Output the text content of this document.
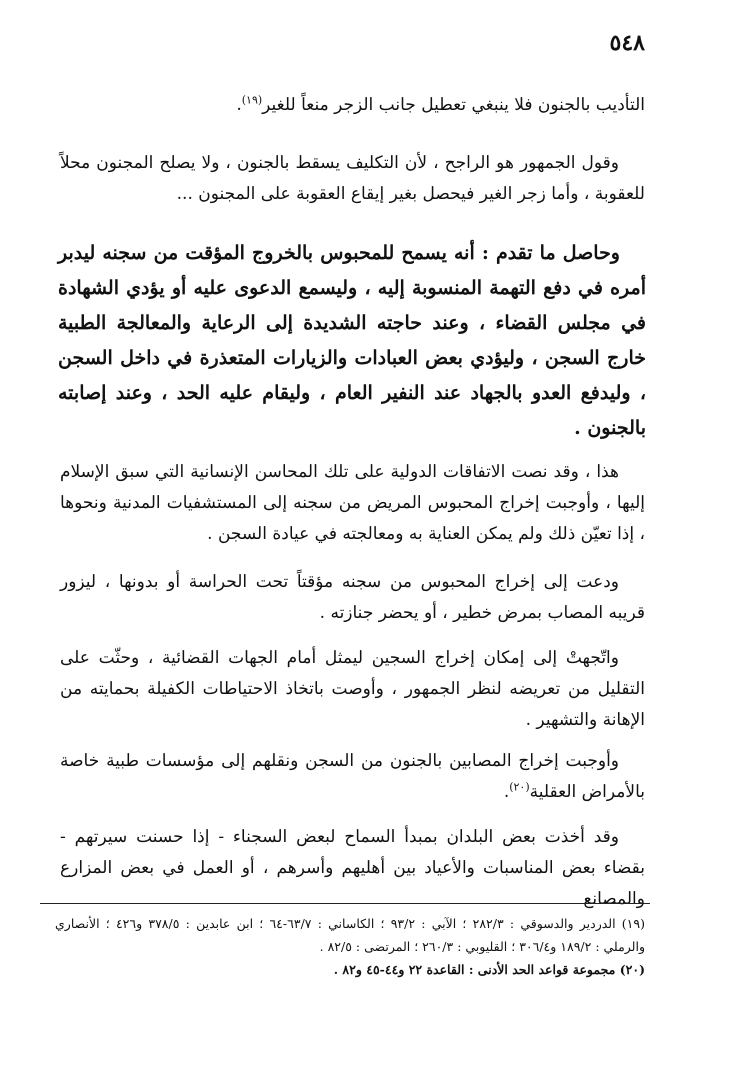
٥٤٨

التأديب بالجنون فلا ينبغي تعطيل جانب الزجر منعاً للغير$^{(١٩)}$.

وقول الجمهور هو الراجح ، لأن التكليف يسقط بالجنون ، ولا يصلح المجنون محلاً للعقوبة ، وأما زجر الغير فيحصل بغير إيقاع العقوبة على المجنون ...

وحاصل ما تقدم : أنه يسمح للمحبوس بالخروج المؤقت من سجنه ليدبر أمره في دفع التهمة المنسوبة إليه ، وليسمع الدعوى عليه أو يؤدي الشهادة في مجلس القضاء ، وعند حاجته الشديدة إلى الرعاية والمعالجة الطبية خارج السجن ، وليؤدي بعض العبادات والزيارات المتعذرة في داخل السجن ، وليدفع العدو بالجهاد عند النفير العام ، وليقام عليه الحد ، وعند إصابته بالجنون .

هذا ، وقد نصت الاتفاقات الدولية على تلك المحاسن الإنسانية التي سبق الإسلام إليها ، وأوجبت إخراج المحبوس المريض من سجنه إلى المستشفيات المدنية ونحوها ، إذا تعيّن ذلك ولم يمكن العناية به ومعالجته في عيادة السجن .

ودعت إلى إخراج المحبوس من سجنه مؤقتاً تحت الحراسة أو بدونها ، ليزور قريبه المصاب بمرض خطير ، أو يحضر جنازته .

واتّجهتْ إلى إمكان إخراج السجين ليمثل أمام الجهات القضائية ، وحثّت على التقليل من تعريضه لنظر الجمهور ، وأوصت باتخاذ الاحتياطات الكفيلة بحمايته من الإهانة والتشهير .

وأوجبت إخراج المصابين بالجنون من السجن ونقلهم إلى مؤسسات طبية خاصة بالأمراض العقلية$^{(٢٠)}$.

وقد أخذت بعض البلدان بمبدأ السماح لبعض السجناء - إذا حسنت سيرتهم - بقضاء بعض المناسبات والأعياد بين أهليهم وأسرهم ، أو العمل في بعض المزارع والمصانع

(١٩) الدردير والدسوقي : ٢٨٢/٣ ؛ الآبي : ٩٣/٢ ؛ الكاساني : ٦٣/٧-٦٤ ؛ ابن عابدين : ٣٧٨/٥ و٤٢٦ ؛ الأنصاري والرملي : ١٨٩/٢ و٣٠٦/٤ ؛ القليوبي : ٢٦٠/٣ ؛ المرتضى : ٨٢/٥ .

(٢٠) مجموعة قواعد الحد الأدنى : القاعدة ٢٢ و٤٤-٤٥ و٨٢ .
